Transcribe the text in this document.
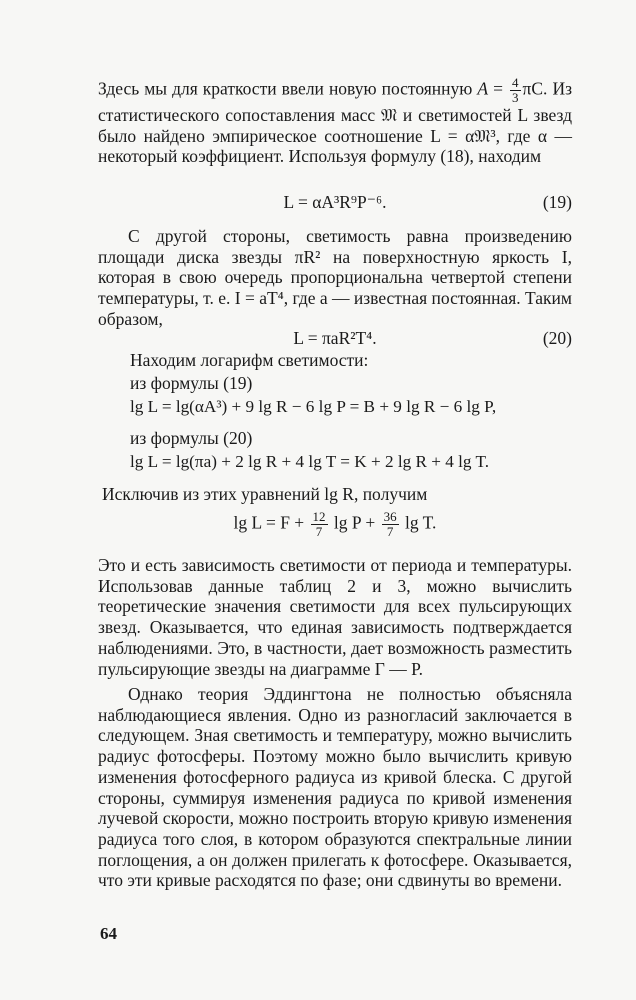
Здесь мы для краткости ввели новую постоянную $A = \frac{4}{3} \pi C$. Из статистического сопоставления масс 𝔐 и светимостей L звезд было найдено эмпирическое соотношение L = α𝔐³, где α — некоторый коэффициент. Используя формулу (18), находим

L = αA³R⁹P⁻⁶.	(19)

С другой стороны, светимость равна произведению площади диска звезды πR² на поверхностную яркость I, которая в свою очередь пропорциональна четвертой степени температуры, т. е. I = aT⁴, где a — известная постоянная. Таким образом,

L = πaR²T⁴.	(20)
Находим логарифм светимости:
из формулы (19)
lg L = lg(αA³) + 9 lg R − 6 lg P = B + 9 lg R − 6 lg P,
из формулы (20)
lg L = lg(πa) + 2 lg R + 4 lg T = K + 2 lg R + 4 lg T.
Исключив из этих уравнений lg R, получим
$\lg L = F + \frac{12}{7}$ $\lg P + \frac{36}{7}$ lg T.

Это и есть зависимость светимости от периода и температуры. Использовав данные таблиц 2 и 3, можно вычислить теоретические значения светимости для всех пульсирующих звезд. Оказывается, что единая зависимость подтверждается наблюдениями. Это, в частности, дает возможность разместить пульсирующие звезды на диаграмме Г — Р.

Однако теория Эддингтона не полностью объясняла наблюдающиеся явления. Одно из разногласий заключается в следующем. Зная светимость и температуру, можно вычислить радиус фотосферы. Поэтому можно было вычислить кривую изменения фотосферного радиуса из кривой блеска. С другой стороны, суммируя изменения радиуса по кривой изменения лучевой скорости, можно построить вторую кривую изменения радиуса того слоя, в котором образуются спектральные линии поглощения, а он должен прилегать к фотосфере. Оказывается, что эти кривые расходятся по фазе; они сдвинуты во времени.

64
